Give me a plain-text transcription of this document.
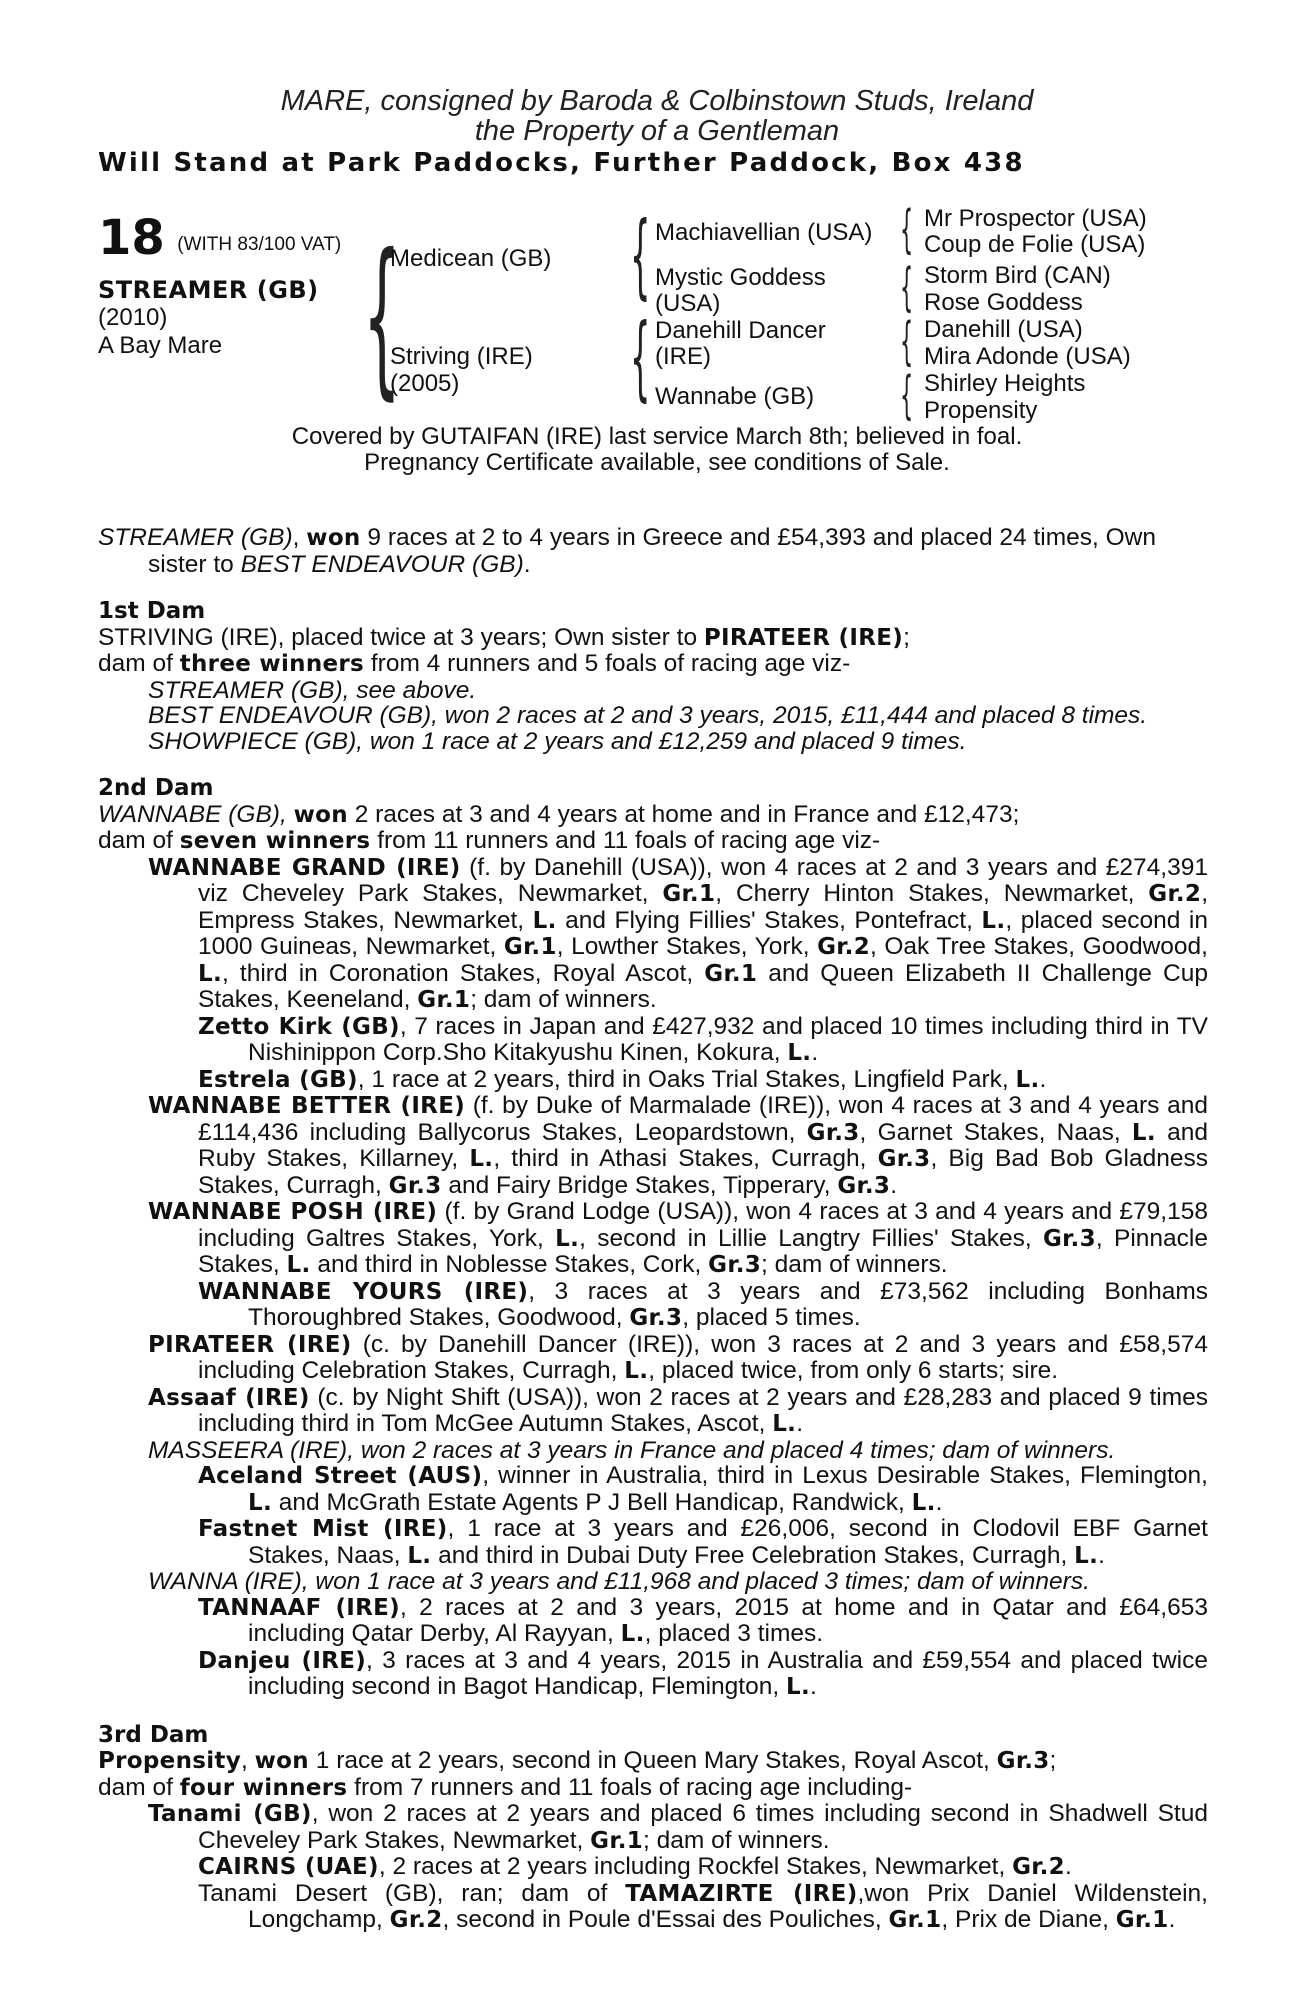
MARE, consigned by Baroda & Colbinstown Studs, Ireland
the Property of a Gentleman
Will Stand at Park Paddocks, Further Paddock, Box 438
18 (WITH 83/100 VAT)
STREAMER (GB)
(2010)
A Bay Mare {
Medicean (GB)
Striving (IRE)
(2005)
{
{
Machiavellian (USA)
Mystic Goddess
(USA)
Danehill Dancer
(IRE)
Wannabe (GB)
{
{
{
{
Mr Prospector (USA)
Coup de Folie (USA)
Storm Bird (CAN)
Rose Goddess
Danehill (USA)
Mira Adonde (USA)
Shirley Heights
Propensity
Covered by GUTAIFAN (IRE) last service March 8th; believed in foal.
Pregnancy Certificate available, see conditions of Sale.

STREAMER (GB), won 9 races at 2 to 4 years in Greece and £54,393 and placed 24 times, Own sister to BEST ENDEAVOUR (GB).

1st Dam

STRIVING (IRE), placed twice at 3 years; Own sister to PIRATEER (IRE);

dam of three winners from 4 runners and 5 foals of racing age viz-

STREAMER (GB), see above.

BEST ENDEAVOUR (GB), won 2 races at 2 and 3 years, 2015, £11,444 and placed 8 times.

SHOWPIECE (GB), won 1 race at 2 years and £12,259 and placed 9 times.

2nd Dam

WANNABE (GB), won 2 races at 3 and 4 years at home and in France and £12,473;

dam of seven winners from 11 runners and 11 foals of racing age viz-

WANNABE GRAND (IRE) (f. by Danehill (USA)), won 4 races at 2 and 3 years and £274,391 viz Cheveley Park Stakes, Newmarket, Gr.1, Cherry Hinton Stakes, Newmarket, Gr.2, Empress Stakes, Newmarket, L. and Flying Fillies' Stakes, Pontefract, L., placed second in 1000 Guineas, Newmarket, Gr.1, Lowther Stakes, York, Gr.2, Oak Tree Stakes, Goodwood, L., third in Coronation Stakes, Royal Ascot, Gr.1 and Queen Elizabeth II Challenge Cup Stakes, Keeneland, Gr.1; dam of winners.

Zetto Kirk (GB), 7 races in Japan and £427,932 and placed 10 times including third in TV Nishinippon Corp.Sho Kitakyushu Kinen, Kokura, L..

Estrela (GB), 1 race at 2 years, third in Oaks Trial Stakes, Lingfield Park, L..

WANNABE BETTER (IRE) (f. by Duke of Marmalade (IRE)), won 4 races at 3 and 4 years and £114,436 including Ballycorus Stakes, Leopardstown, Gr.3, Garnet Stakes, Naas, L. and Ruby Stakes, Killarney, L., third in Athasi Stakes, Curragh, Gr.3, Big Bad Bob Gladness Stakes, Curragh, Gr.3 and Fairy Bridge Stakes, Tipperary, Gr.3.

WANNABE POSH (IRE) (f. by Grand Lodge (USA)), won 4 races at 3 and 4 years and £79,158 including Galtres Stakes, York, L., second in Lillie Langtry Fillies' Stakes, Gr.3, Pinnacle Stakes, L. and third in Noblesse Stakes, Cork, Gr.3; dam of winners.

WANNABE YOURS (IRE), 3 races at 3 years and £73,562 including Bonhams Thoroughbred Stakes, Goodwood, Gr.3, placed 5 times.

PIRATEER (IRE) (c. by Danehill Dancer (IRE)), won 3 races at 2 and 3 years and £58,574 including Celebration Stakes, Curragh, L., placed twice, from only 6 starts; sire.

Assaaf (IRE) (c. by Night Shift (USA)), won 2 races at 2 years and £28,283 and placed 9 times including third in Tom McGee Autumn Stakes, Ascot, L..

MASSEERA (IRE), won 2 races at 3 years in France and placed 4 times; dam of winners.

Aceland Street (AUS), winner in Australia, third in Lexus Desirable Stakes, Flemington, L. and McGrath Estate Agents P J Bell Handicap, Randwick, L..

Fastnet Mist (IRE), 1 race at 3 years and £26,006, second in Clodovil EBF Garnet Stakes, Naas, L. and third in Dubai Duty Free Celebration Stakes, Curragh, L..

WANNA (IRE), won 1 race at 3 years and £11,968 and placed 3 times; dam of winners.

TANNAAF (IRE), 2 races at 2 and 3 years, 2015 at home and in Qatar and £64,653 including Qatar Derby, Al Rayyan, L., placed 3 times.

Danjeu (IRE), 3 races at 3 and 4 years, 2015 in Australia and £59,554 and placed twice including second in Bagot Handicap, Flemington, L..

3rd Dam

Propensity, won 1 race at 2 years, second in Queen Mary Stakes, Royal Ascot, Gr.3;

dam of four winners from 7 runners and 11 foals of racing age including-

Tanami (GB), won 2 races at 2 years and placed 6 times including second in Shadwell Stud Cheveley Park Stakes, Newmarket, Gr.1; dam of winners.

CAIRNS (UAE), 2 races at 2 years including Rockfel Stakes, Newmarket, Gr.2.

Tanami Desert (GB), ran; dam of TAMAZIRTE (IRE),won Prix Daniel Wildenstein, Longchamp, Gr.2, second in Poule d'Essai des Pouliches, Gr.1, Prix de Diane, Gr.1.
